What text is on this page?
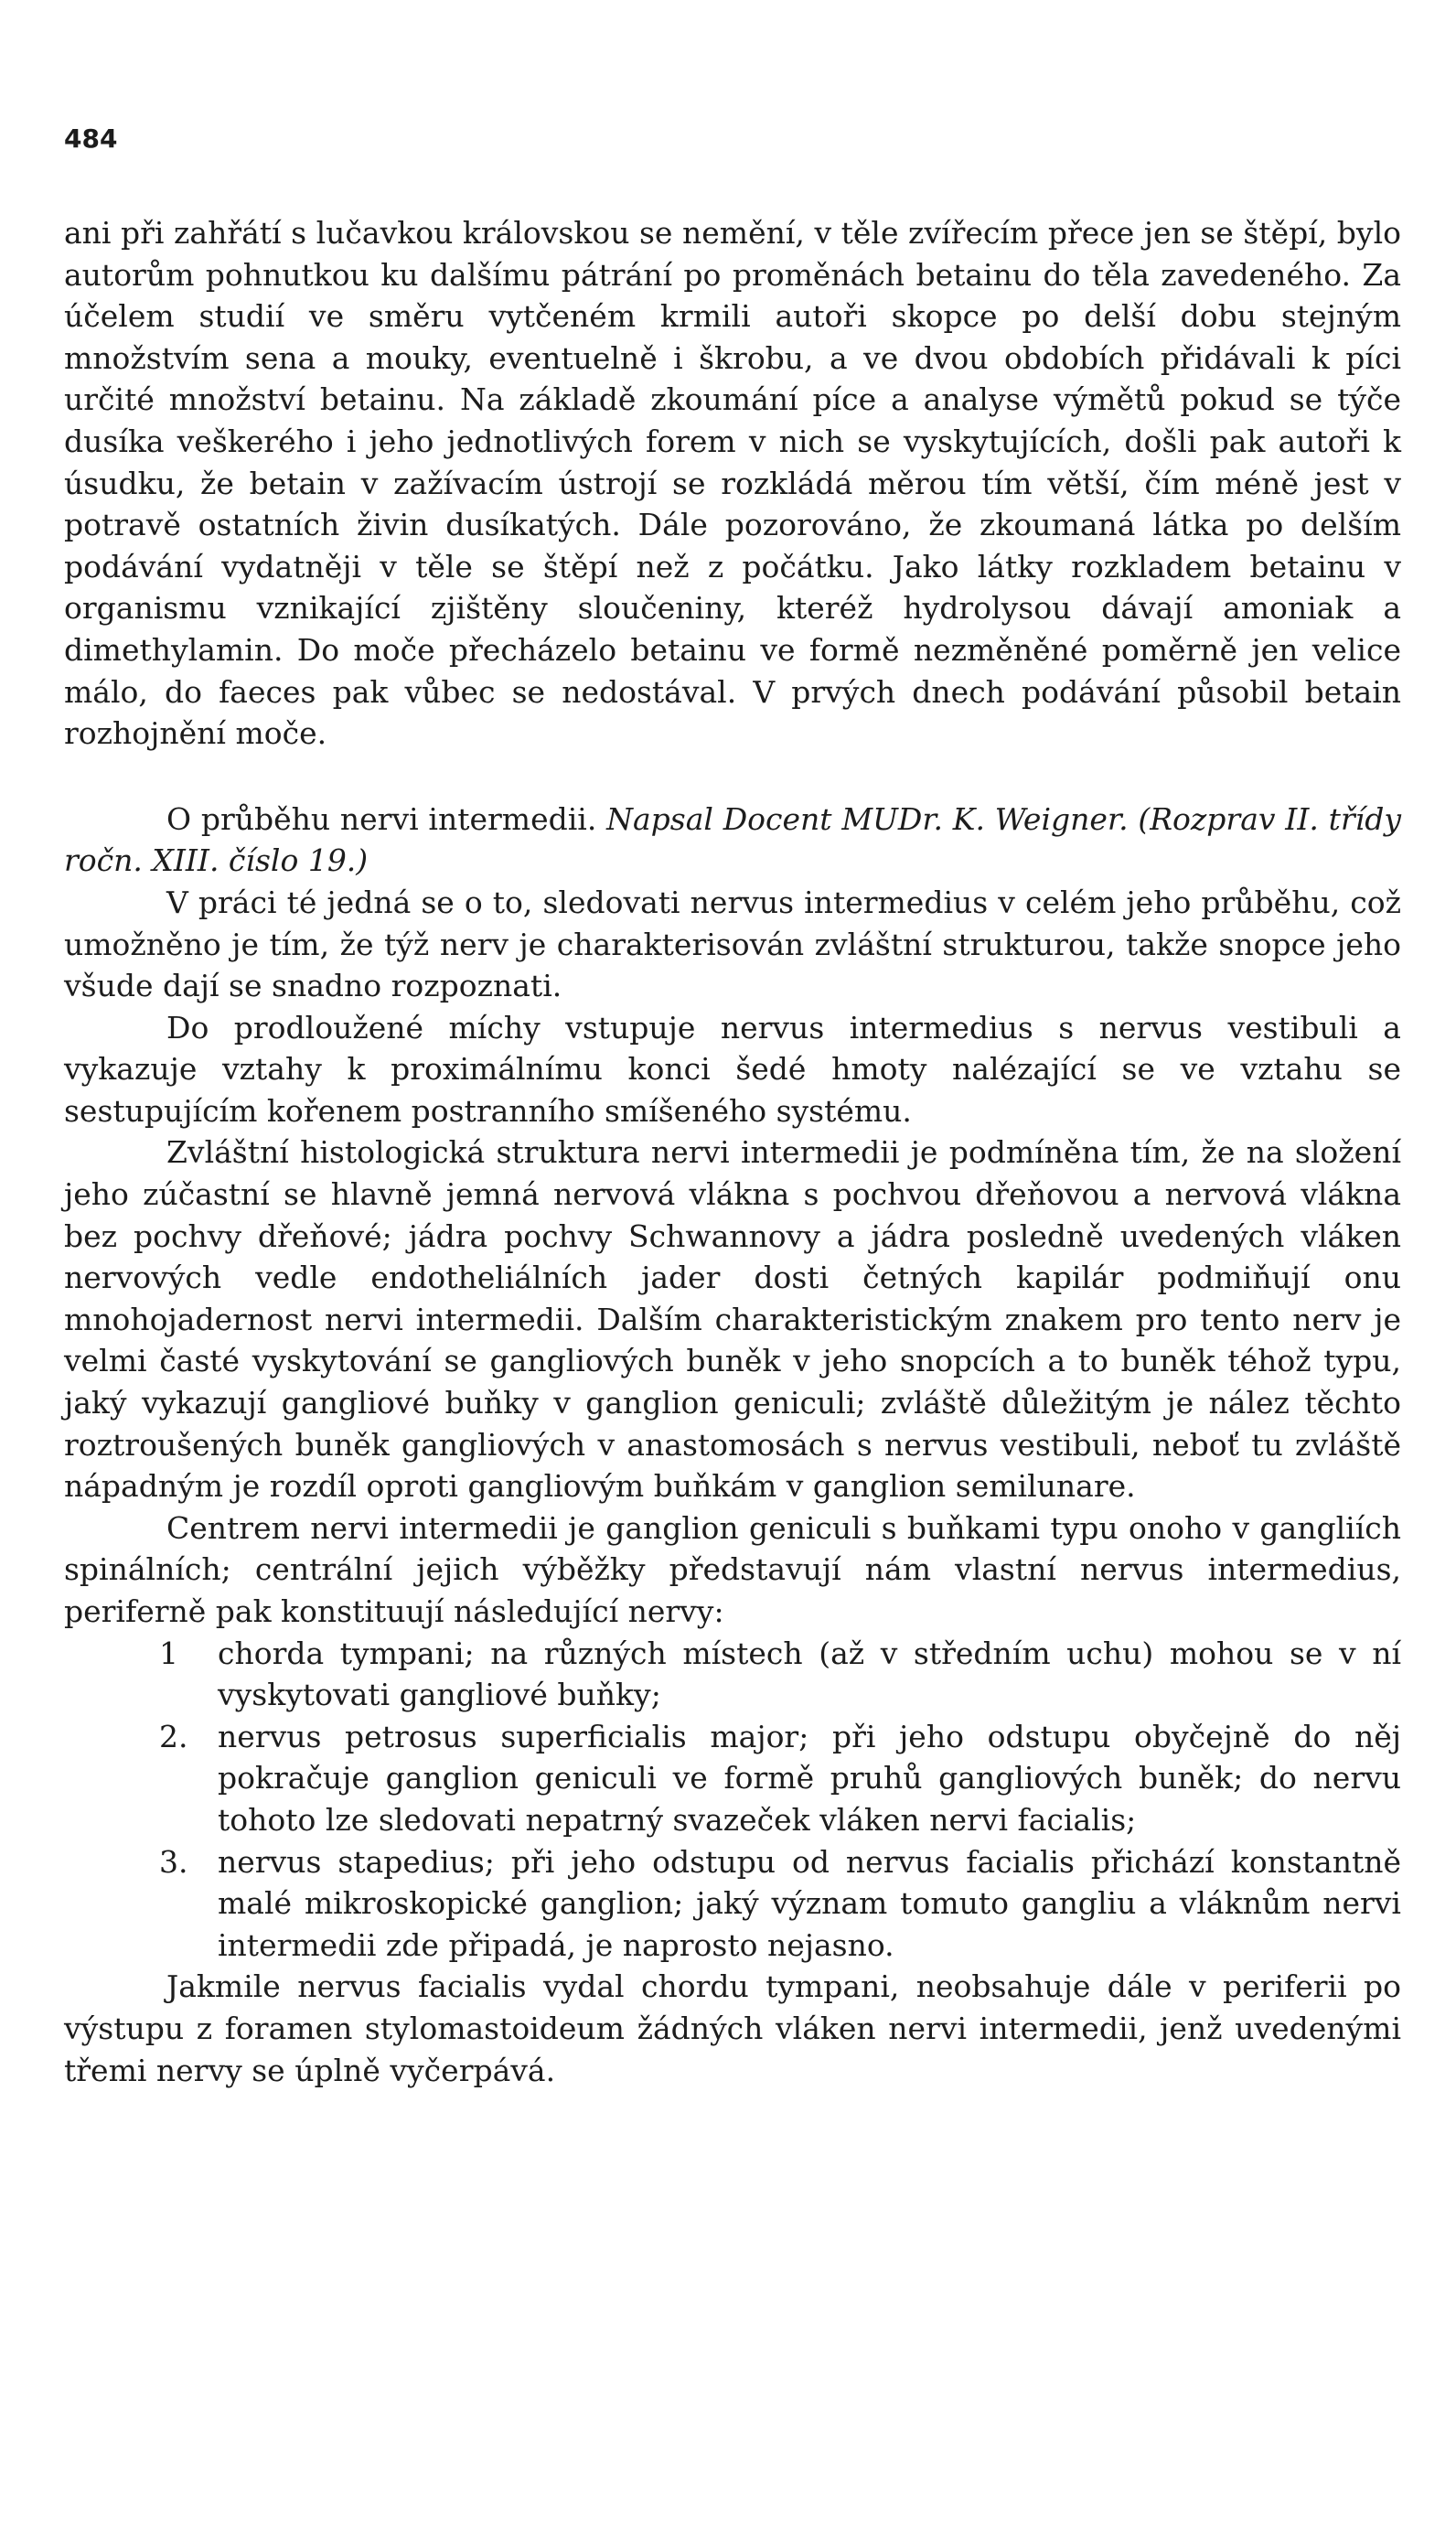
484

ani při zahřátí s lučavkou královskou se nemění, v těle zvířecím přece jen se štěpí, bylo autorům pohnutkou ku dalšímu pátrání po proměnách betainu do těla zavedeného. Za účelem studií ve směru vytčeném krmili autoři skopce po delší dobu stejným množstvím sena a mouky, eventuelně i škrobu, a ve dvou obdobích přidávali k píci určité množství betainu. Na základě zkoumání píce a analyse výmětů pokud se týče dusíka veškerého i jeho jednotlivých forem v nich se vyskytujících, došli pak autoři k úsudku, že betain v zažívacím ústrojí se rozkládá měrou tím větší, čím méně jest v potravě ostatních živin dusíkatých. Dále pozorováno, že zkoumaná látka po delším podávání vydatněji v těle se štěpí než z počátku. Jako látky rozkladem betainu v organismu vznikající zjištěny sloučeniny, kteréž hydrolysou dávají amoniak a dimethylamin. Do moče přecházelo betainu ve formě nezměněné poměrně jen velice málo, do faeces pak vůbec se nedostával. V prvých dnech podávání působil betain rozhojnění moče.

O průběhu nervi intermedii. Napsal Docent MUDr. K. Weigner. (Rozprav II. třídy ročn. XIII. číslo 19.)

V práci té jedná se o to, sledovati nervus intermedius v celém jeho průběhu, což umožněno je tím, že týž nerv je charakterisován zvláštní strukturou, takže snopce jeho všude dají se snadno rozpoznati.

Do prodloužené míchy vstupuje nervus intermedius s nervus vestibuli a vykazuje vztahy k proximálnímu konci šedé hmoty nalézající se ve vztahu se sestupujícím kořenem postranního smíšeného systému.

Zvláštní histologická struktura nervi intermedii je podmíněna tím, že na složení jeho zúčastní se hlavně jemná nervová vlákna s pochvou dřeňovou a nervová vlákna bez pochvy dřeňové; jádra pochvy Schwannovy a jádra posledně uvedených vláken nervových vedle endotheliálních jader dosti četných kapilár podmiňují onu mnohojadernost nervi intermedii. Dalším charakteristickým znakem pro tento nerv je velmi časté vyskytování se gangliových buněk v jeho snopcích a to buněk téhož typu, jaký vykazují gangliové buňky v ganglion geniculi; zvláště důležitým je nález těchto roztroušených buněk gangliových v anastomosách s nervus vestibuli, neboť tu zvláště nápadným je rozdíl oproti gangliovým buňkám v ganglion semilunare.

Centrem nervi intermedii je ganglion geniculi s buňkami typu onoho v gangliích spinálních; centrální jejich výběžky představují nám vlastní nervus intermedius, periferně pak konstituují následující nervy:

1	chorda tympani; na různých místech (až v středním uchu) mohou se v ní vyskytovati gangliové buňky;
2. nervus petrosus superficialis major; při jeho odstupu obyčejně do něj pokračuje ganglion geniculi ve formě pruhů gangliových buněk; do nervu tohoto lze sledovati nepatrný svazeček vláken nervi facialis;
3. nervus stapedius; při jeho odstupu od nervus facialis přichází konstantně malé mikroskopické ganglion; jaký význam tomuto gangliu a vláknům nervi intermedii zde připadá, je naprosto nejasno.

Jakmile nervus facialis vydal chordu tympani, neobsahuje dále v periferii po výstupu z foramen stylomastoideum žádných vláken nervi intermedii, jenž uvedenými třemi nervy se úplně vyčerpává.
